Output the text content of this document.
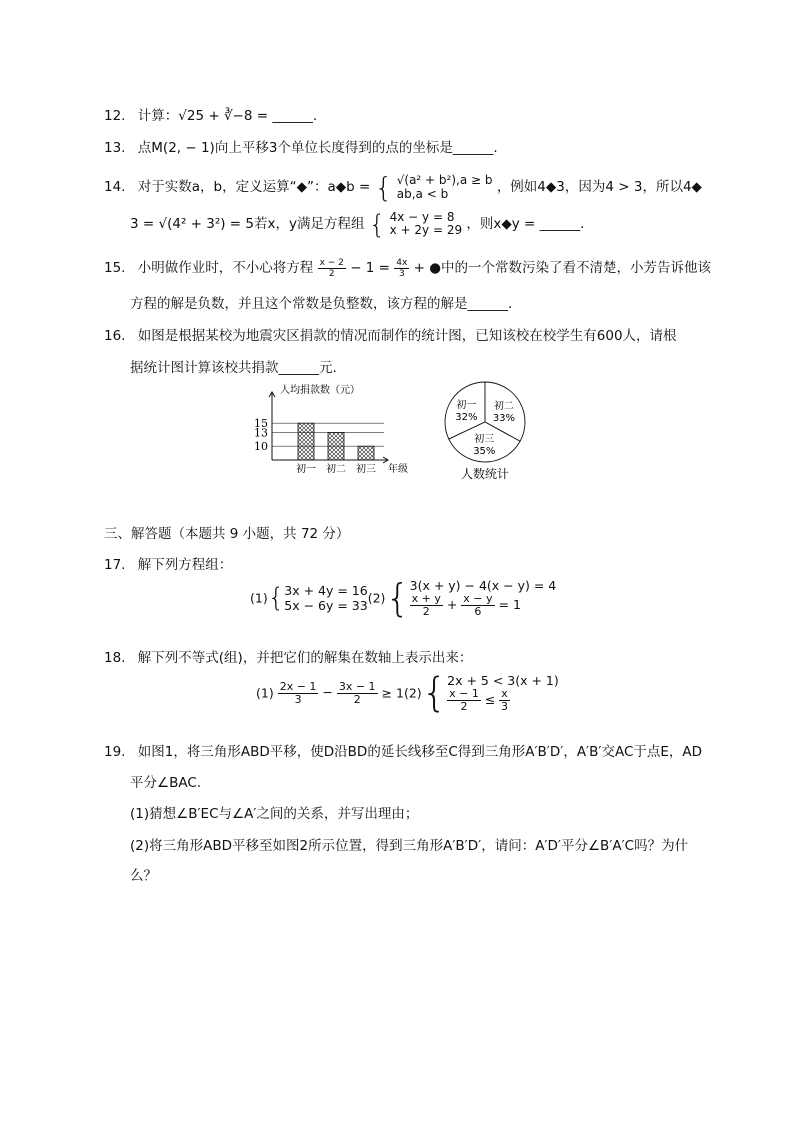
12. 计算：√25 + ∛−8 = ______.
13. 点M(2, − 1)向上平移3个单位长度得到的点的坐标是______.
14. 对于实数a，b，定义运算“◆”：a◆b = { √(a² + b²),a ≥ b
ab,a < b	，例如4◆3，因为4 > 3，所以4◆
3 = √(4² + 3²) = 5若x，y满足方程组 { 4x − y = 8
x + 2y = 29 ，则x◆y = ______.
15. 小明做作业时，不小心将方程 $\frac{x - 2}{2} - 1 = \frac{4x}{3}$ + ●中的一个常数污染了看不清楚，小芳告诉他该
方程的解是负数，并且这个常数是负整数，该方程的解是______.
16. 如图是根据某校为地震灾区捐款的情况而制作的统计图，已知该校在校学生有600人，请根
据统计图计算该校共捐款______元.
15
13
10
人均捐款数（元）
年级
初一 初二 初三
初一
32%
初二
33%
初三
35%
人数统计
三、解答题（本题共 9 小题，共 72 分）
17. 解下列方程组：
(1){ 3x + 4y = 16
5x − 6y = 33 (2){ 3(x + y) − 4(x − y) = 4
$\frac{x + y}{2} + \frac{x - y}{6} = 1$
18. 解下列不等式(组)，并把它们的解集在数轴上表示出来：
$(1) \frac{2x - 1}{3} - \frac{3x - 1}{2} \ge 1(2)${ 2x + 5 < 3(x + 1)
$\frac{x - 1}{2} \le \frac{x}{3}$
19. 如图1，将三角形ABD平移，使D沿BD的延长线移至C得到三角形A′B′D′，A′B′交AC于点E，AD
平分∠BAC.
(1)猜想∠B′EC与∠A′之间的关系，并写出理由；
(2)将三角形ABD平移至如图2所示位置，得到三角形A′B′D′，请问：A′D′平分∠B′A′C吗？为什
么？
